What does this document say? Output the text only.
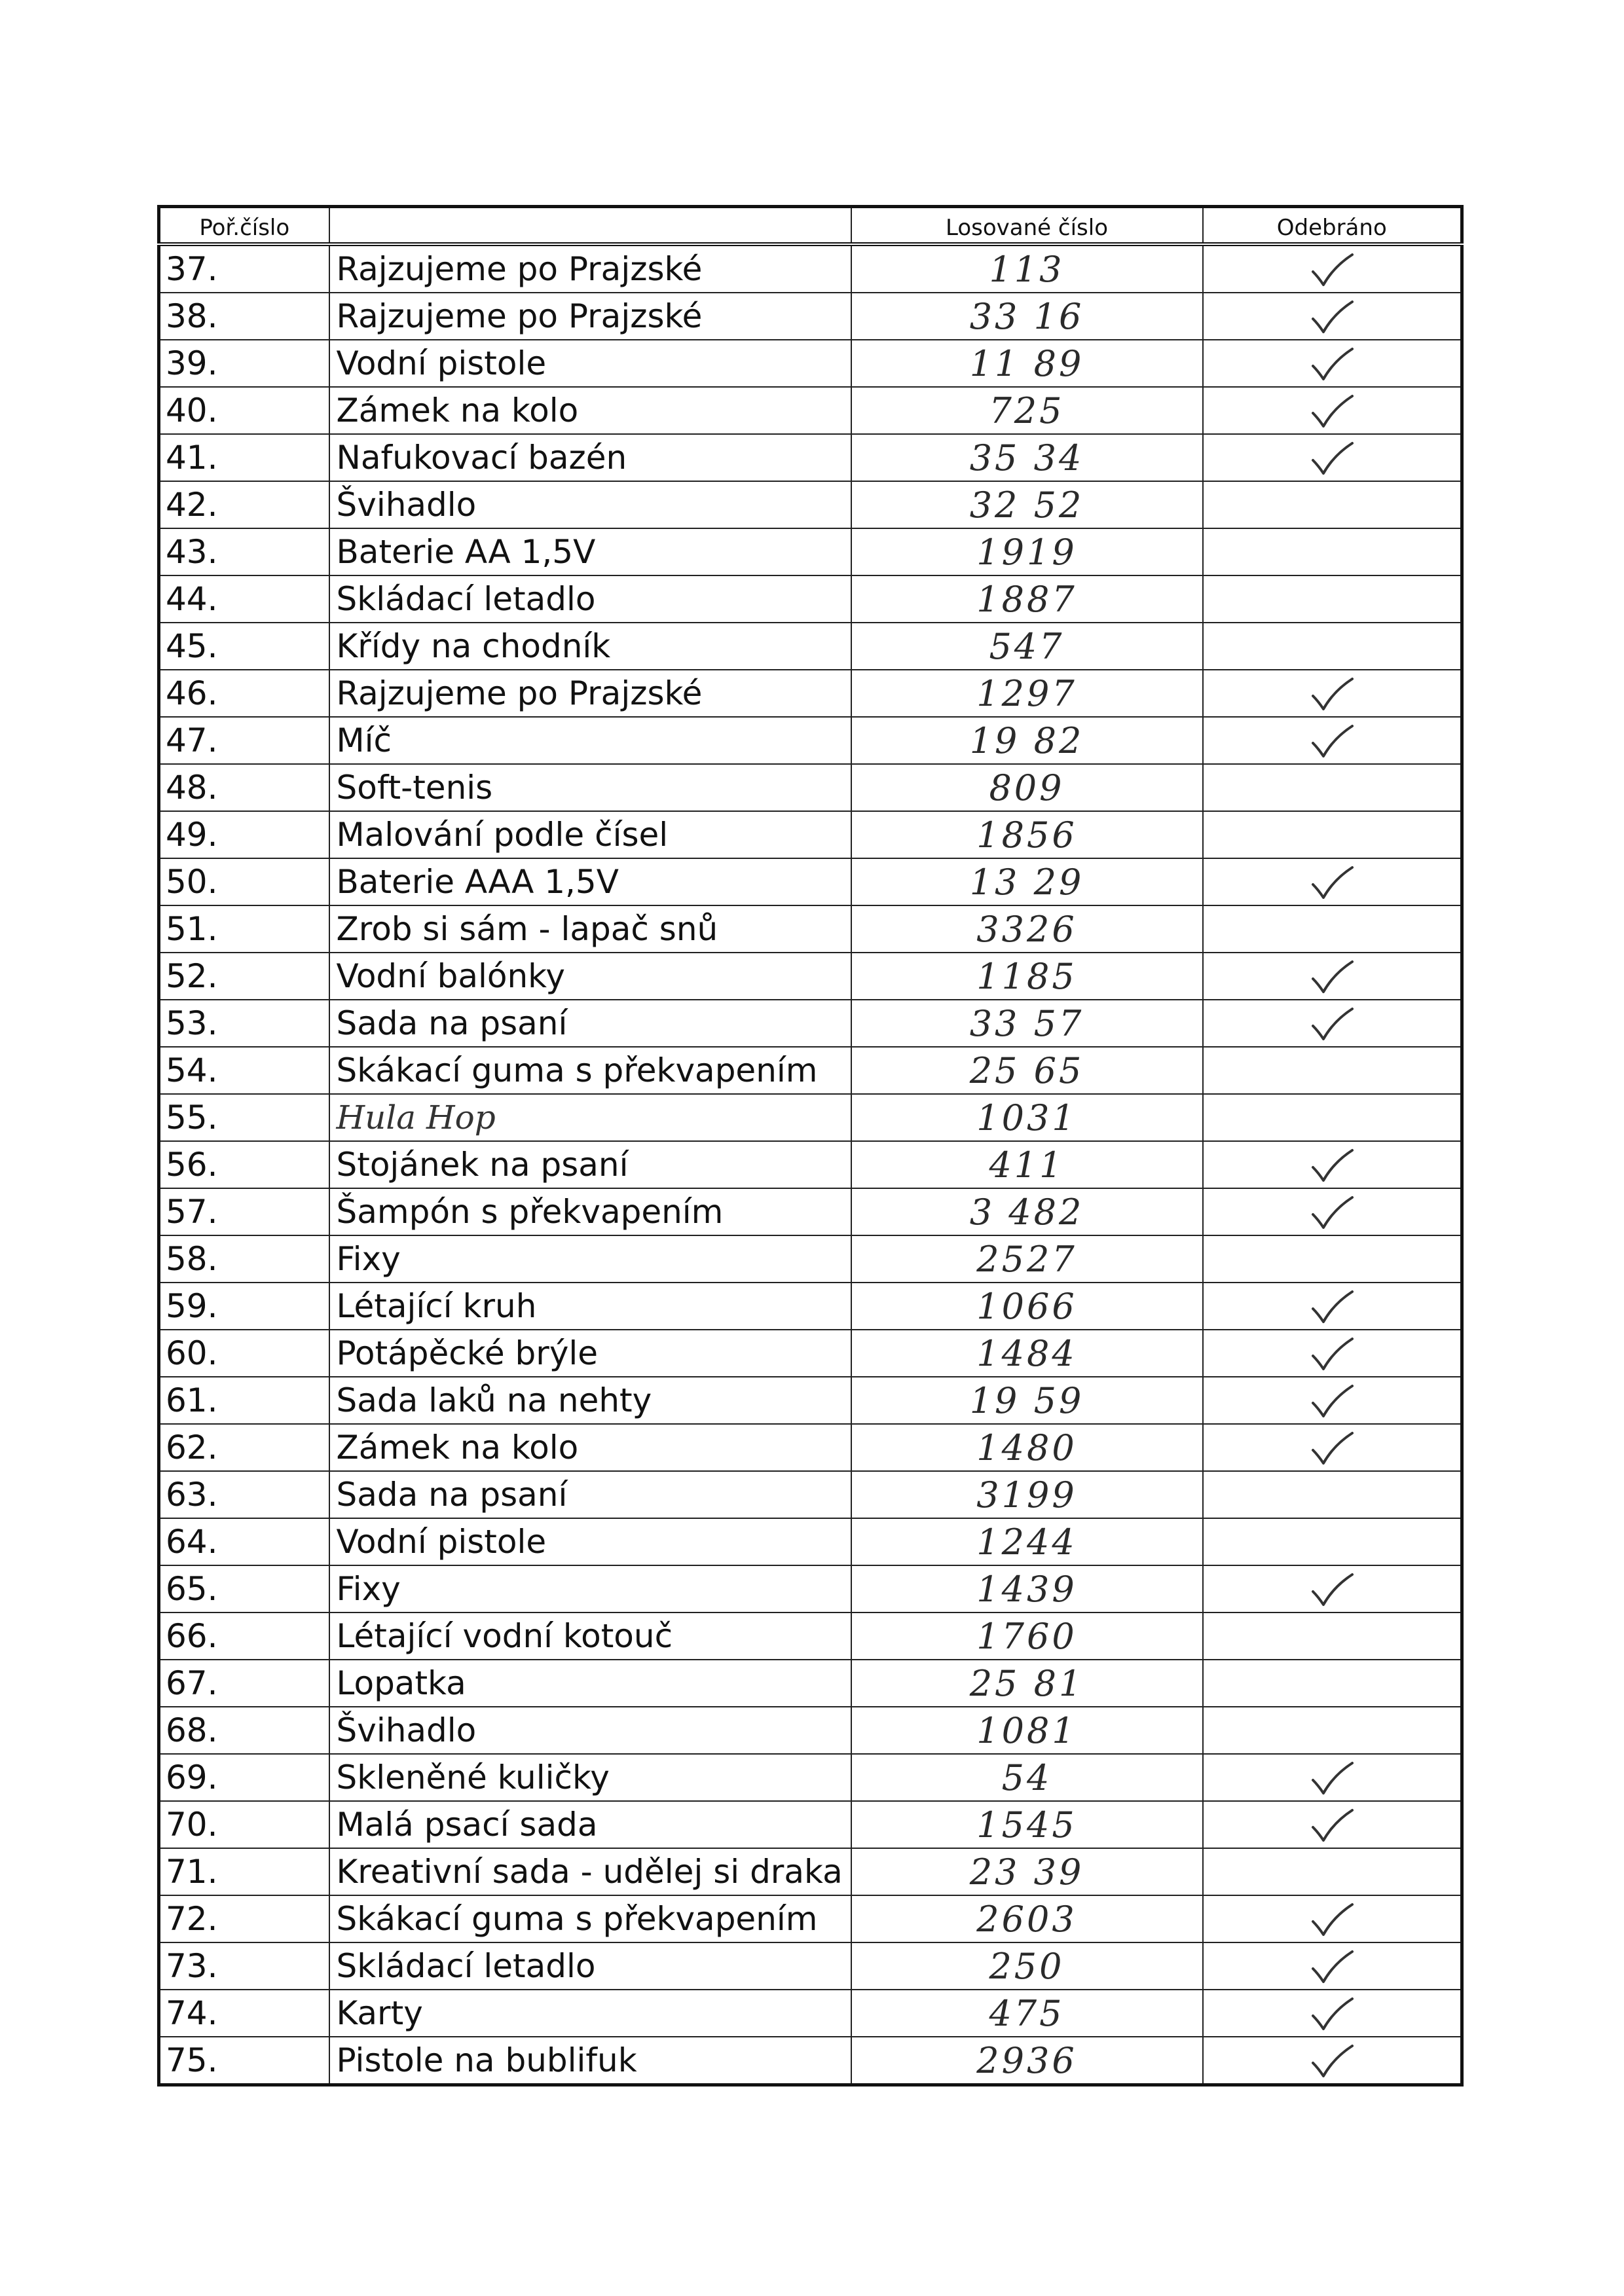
Poř.číslo		Losované číslo	Odebráno
37.	Rajzujeme po Prajzské	113	
38.	Rajzujeme po Prajzské	33 16	
39.	Vodní pistole	11 89	
40.	Zámek na kolo	725	
41.	Nafukovací bazén	35 34	
42.	Švihadlo	32 52	
43.	Baterie AA 1,5V	1919	
44.	Skládací letadlo	1887	
45.	Křídy na chodník	547	
46.	Rajzujeme po Prajzské	1297	
47.	Míč	19 82	
48.	Soft-tenis	809	
49.	Malování podle čísel	1856	
50.	Baterie AAA 1,5V	13 29	
51.	Zrob si sám - lapač snů	3326	
52.	Vodní balónky	1185	
53.	Sada na psaní	33 57	
54.	Skákací guma s překvapením	25 65	
55.	Hula Hop	1031	
56.	Stojánek na psaní	411	
57.	Šampón s překvapením	3 482	
58.	Fixy	2527	
59.	Létající kruh	1066	
60.	Potápěcké brýle	1484	
61.	Sada laků na nehty	19 59	
62.	Zámek na kolo	1480	
63.	Sada na psaní	3199	
64.	Vodní pistole	1244	
65.	Fixy	1439	
66.	Létající vodní kotouč	1760	
67.	Lopatka	25 81	
68.	Švihadlo	1081	
69.	Skleněné kuličky	54	
70.	Malá psací sada	1545	
71.	Kreativní sada - udělej si draka	23 39	
72.	Skákací guma s překvapením	2603	
73.	Skládací letadlo	250	
74.	Karty	475	
75.	Pistole na bublifuk	2936	
